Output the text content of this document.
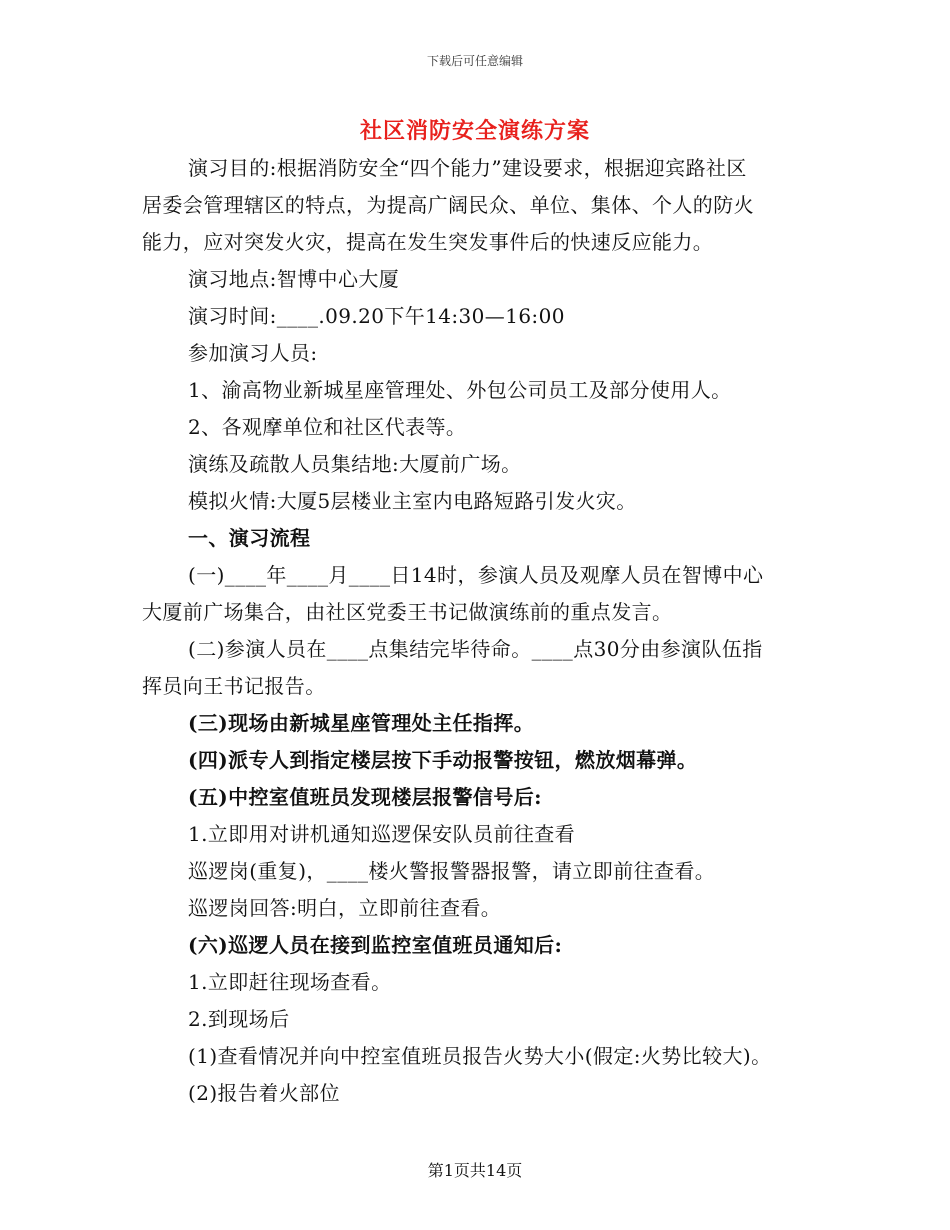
下载后可任意编辑
社区消防安全演练方案
演习目的:根据消防安全“四个能力”建设要求，根据迎宾路社区
居委会管理辖区的特点，为提高广阔民众、单位、集体、个人的防火
能力，应对突发火灾，提高在发生突发事件后的快速反应能力。
演习地点:智博中心大厦
演习时间:____.09.20下午14:30—16:00
参加演习人员:
1、渝高物业新城星座管理处、外包公司员工及部分使用人。
2、各观摩单位和社区代表等。
演练及疏散人员集结地:大厦前广场。
模拟火情:大厦5层楼业主室内电路短路引发火灾。
一、演习流程
(一)____年____月____日14时，参演人员及观摩人员在智博中心
大厦前广场集合，由社区党委王书记做演练前的重点发言。
(二)参演人员在____点集结完毕待命。____点30分由参演队伍指
挥员向王书记报告。
(三)现场由新城星座管理处主任指挥。
(四)派专人到指定楼层按下手动报警按钮，燃放烟幕弹。
(五)中控室值班员发现楼层报警信号后:
1.立即用对讲机通知巡逻保安队员前往查看
巡逻岗(重复)，____楼火警报警器报警，请立即前往查看。
巡逻岗回答:明白，立即前往查看。
(六)巡逻人员在接到监控室值班员通知后:
1.立即赶往现场查看。
2.到现场后
(1)查看情况并向中控室值班员报告火势大小(假定:火势比较大)。
(2)报告着火部位
第1页共14页
